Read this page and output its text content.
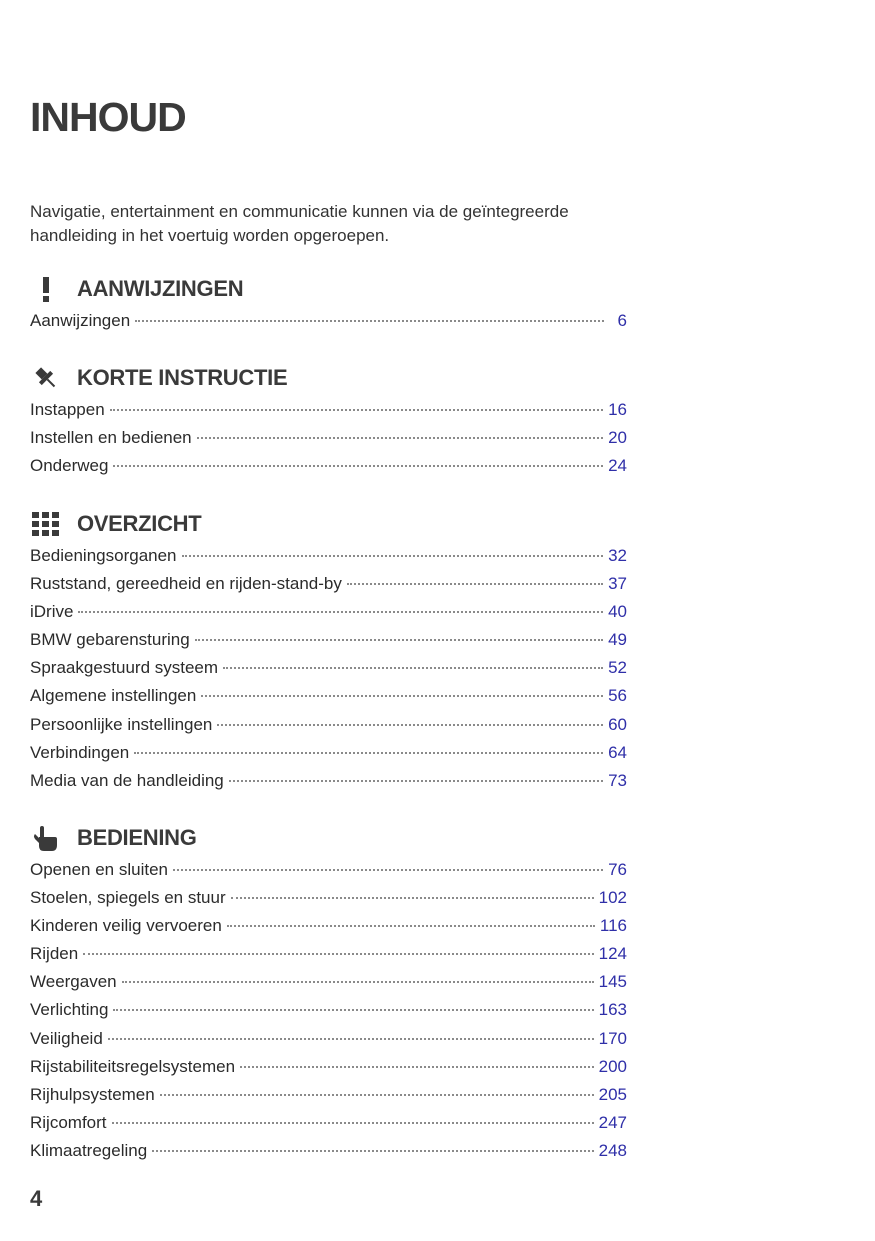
INHOUD

Navigatie, entertainment en communicatie kunnen via de geïntegreerde handleiding in het voertuig worden opgeroepen.

AANWIJZINGEN
Aanwijzingen	6
KORTE INSTRUCTIE
Instappen	16
Instellen en bedienen	20
Onderweg	24
OVERZICHT
Bedieningsorganen	32
Ruststand, gereedheid en rijden-stand-by	37
iDrive	40
BMW gebarensturing	49
Spraakgestuurd systeem	52
Algemene instellingen	56
Persoonlijke instellingen	60
Verbindingen	64
Media van de handleiding	73
BEDIENING
Openen en sluiten	76
Stoelen, spiegels en stuur	102
Kinderen veilig vervoeren	116
Rijden	124
Weergaven	145
Verlichting	163
Veiligheid	170
Rijstabiliteitsregelsystemen	200
Rijhulpsystemen	205
Rijcomfort	247
Klimaatregeling	248
4
